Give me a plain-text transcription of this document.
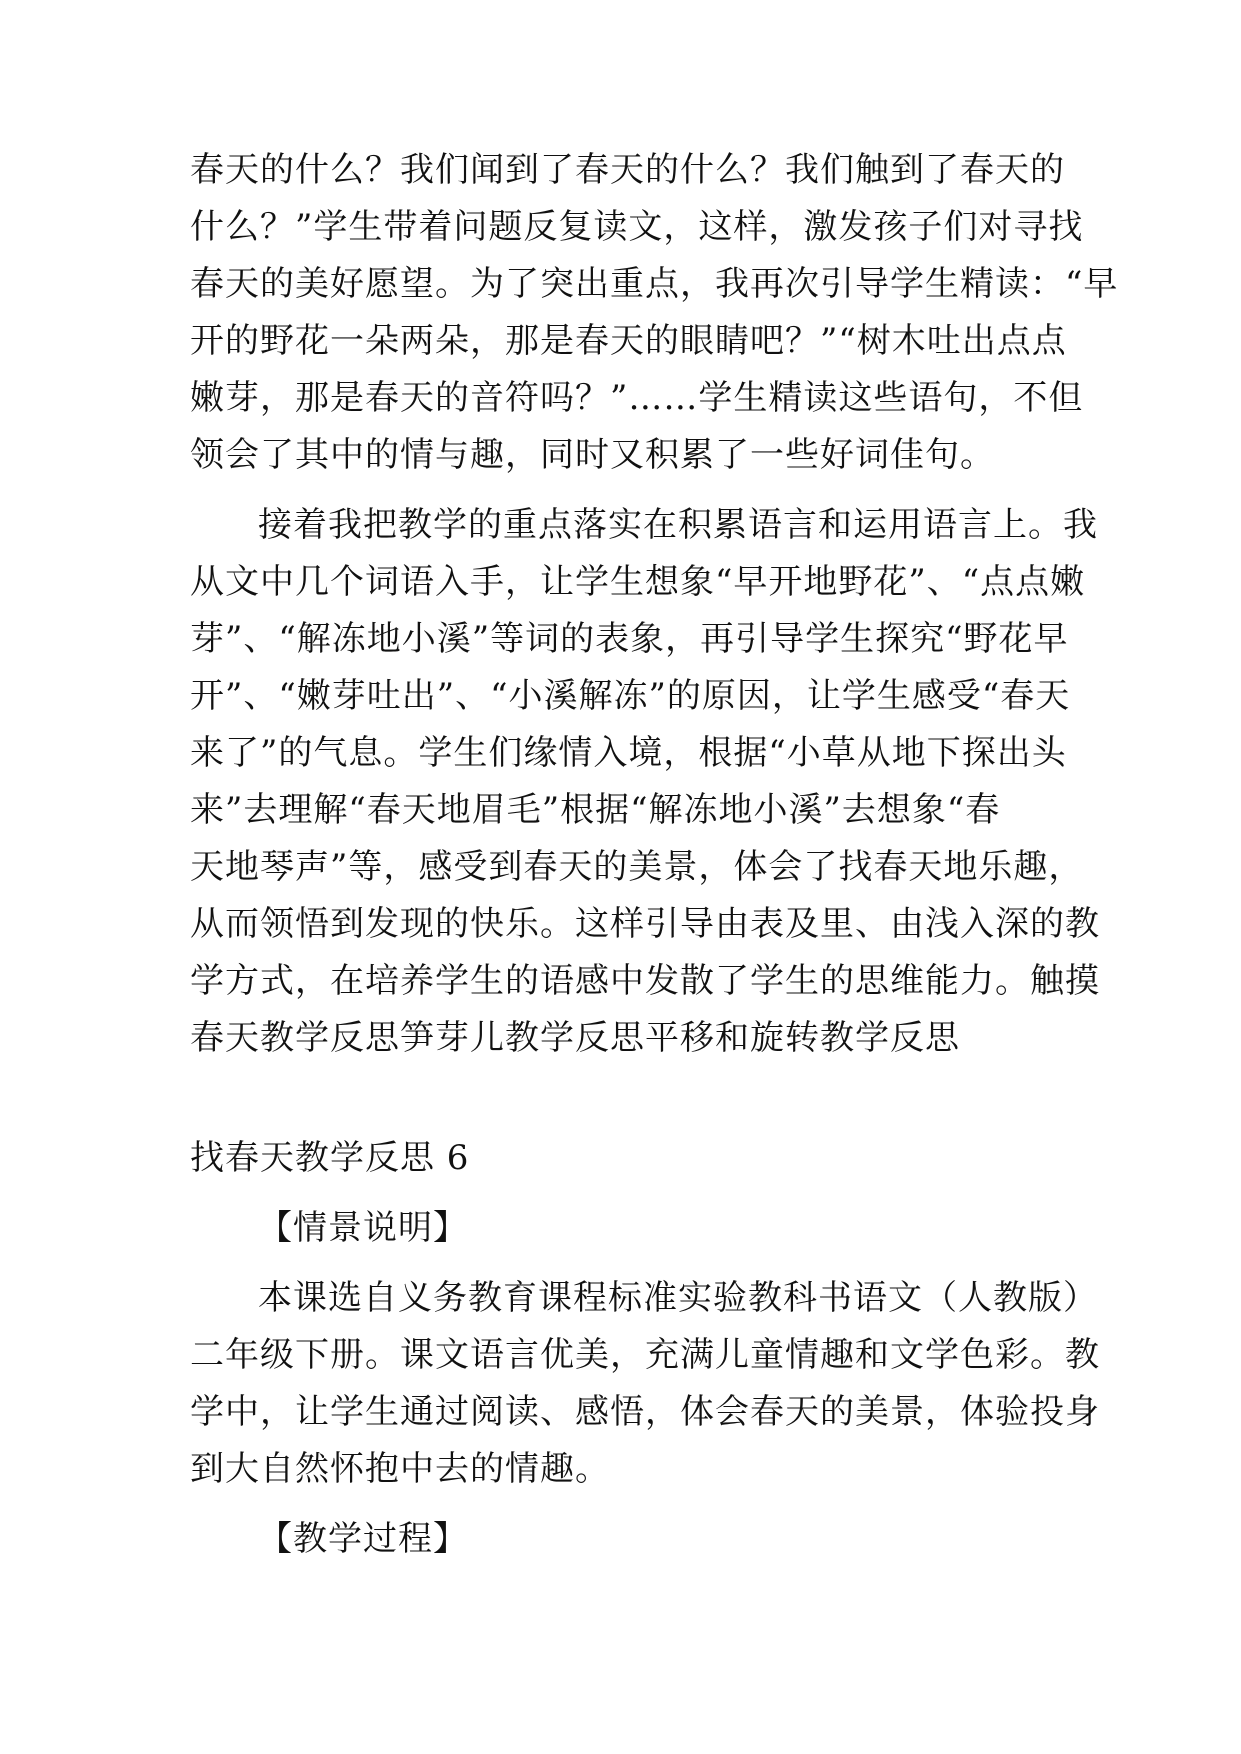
春天的什么？我们闻到了春天的什么？我们触到了春天的
什么？”学生带着问题反复读文，这样，激发孩子们对寻找
春天的美好愿望。为了突出重点，我再次引导学生精读：“早
开的野花一朵两朵，那是春天的眼睛吧？”“树木吐出点点
嫩芽，那是春天的音符吗？”……学生精读这些语句，不但
领会了其中的情与趣，同时又积累了一些好词佳句。
接着我把教学的重点落实在积累语言和运用语言上。我
从文中几个词语入手，让学生想象“早开地野花”、“点点嫩
芽”、“解冻地小溪”等词的表象，再引导学生探究“野花早
开”、“嫩芽吐出”、“小溪解冻”的原因，让学生感受“春天
来了”的气息。学生们缘情入境，根据“小草从地下探出头
来”去理解“春天地眉毛”根据“解冻地小溪”去想象“春
天地琴声”等，感受到春天的美景，体会了找春天地乐趣，
从而领悟到发现的快乐。这样引导由表及里、由浅入深的教
学方式，在培养学生的语感中发散了学生的思维能力。触摸
春天教学反思笋芽儿教学反思平移和旋转教学反思
找春天教学反思 6
【情景说明】
本课选自义务教育课程标准实验教科书语文（人教版）
二年级下册。课文语言优美，充满儿童情趣和文学色彩。教
学中，让学生通过阅读、感悟，体会春天的美景，体验投身
到大自然怀抱中去的情趣。
【教学过程】
